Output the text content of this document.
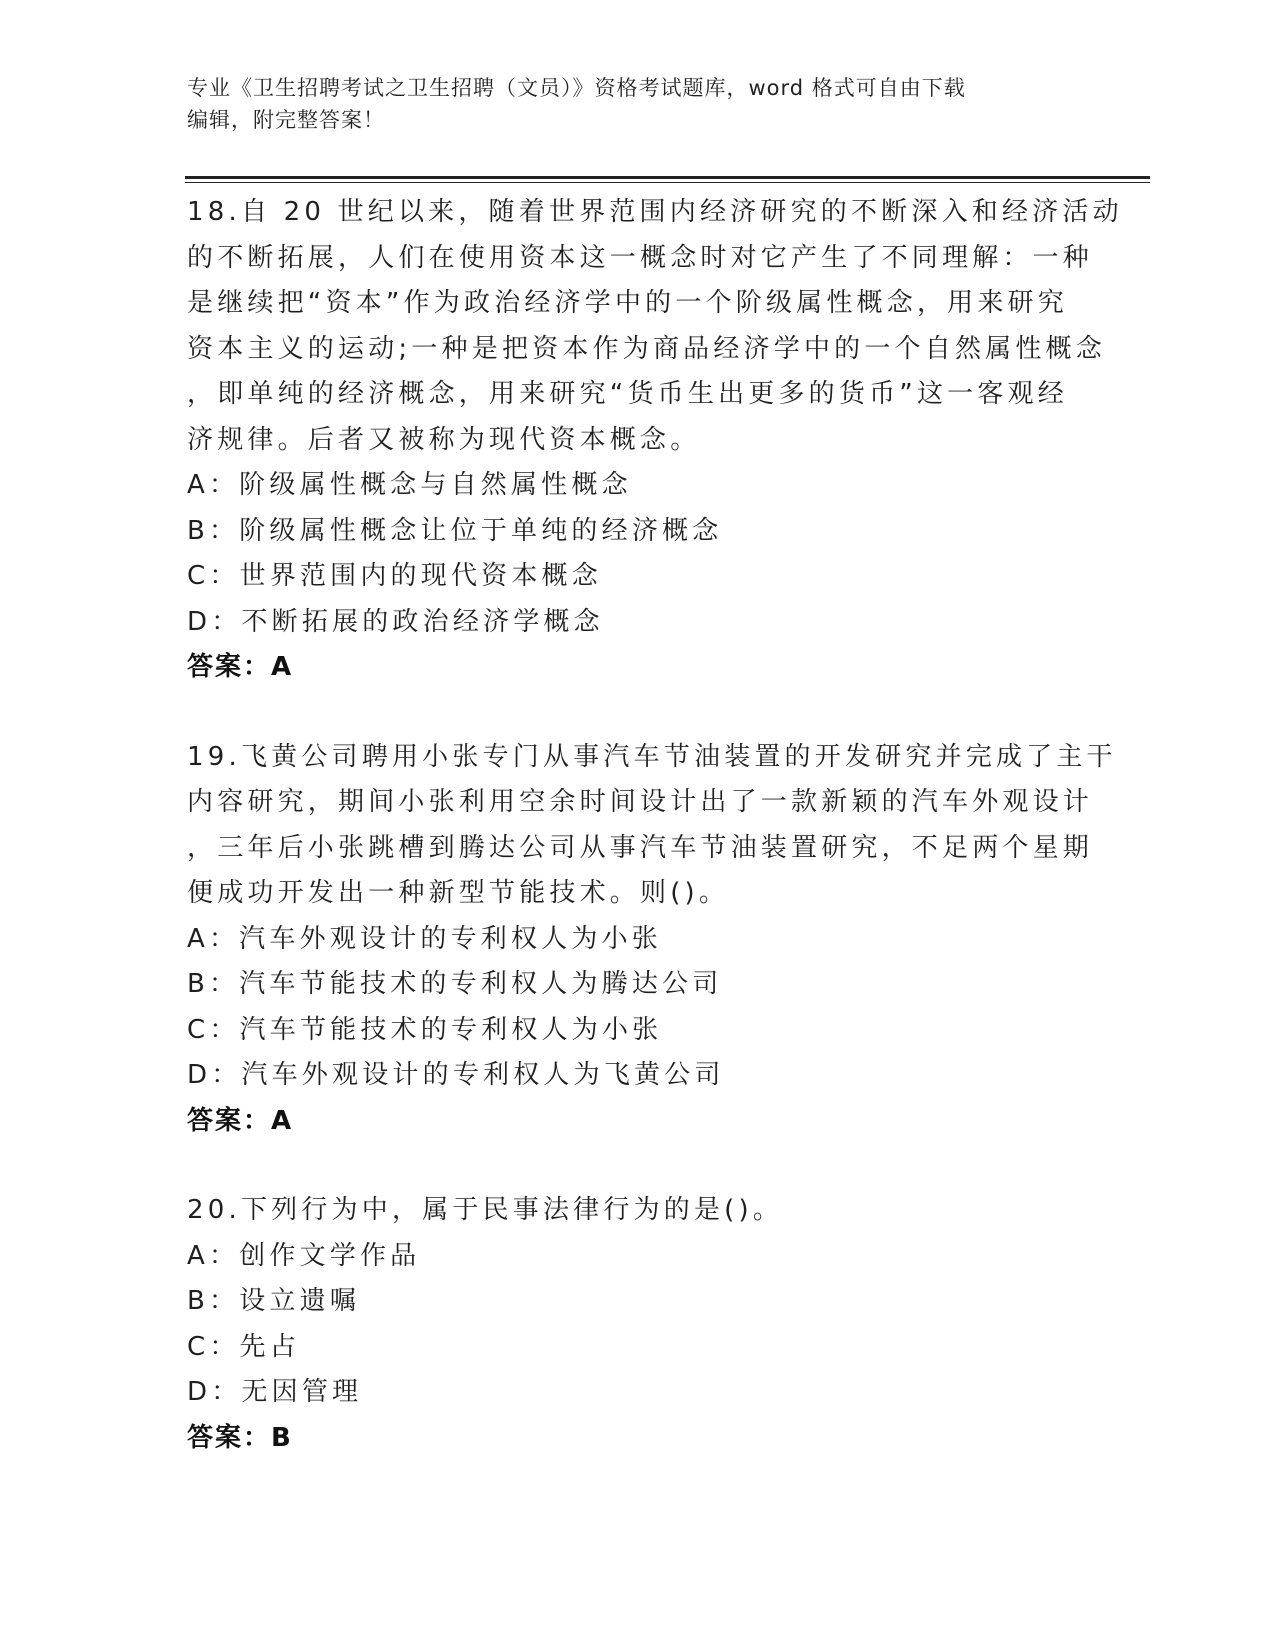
专业《卫生招聘考试之卫生招聘（文员）》资格考试题库，word 格式可自由下载
编辑，附完整答案！
18.自 20 世纪以来，随着世界范围内经济研究的不断深入和经济活动
的不断拓展，人们在使用资本这一概念时对它产生了不同理解：一种
是继续把“资本”作为政治经济学中的一个阶级属性概念，用来研究
资本主义的运动;一种是把资本作为商品经济学中的一个自然属性概念
，即单纯的经济概念，用来研究“货币生出更多的货币”这一客观经
济规律。后者又被称为现代资本概念。
A：阶级属性概念与自然属性概念
B：阶级属性概念让位于单纯的经济概念
C：世界范围内的现代资本概念
D：不断拓展的政治经济学概念
答案：A
19.飞黄公司聘用小张专门从事汽车节油装置的开发研究并完成了主干
内容研究，期间小张利用空余时间设计出了一款新颖的汽车外观设计
，三年后小张跳槽到腾达公司从事汽车节油装置研究，不足两个星期
便成功开发出一种新型节能技术。则()。
A：汽车外观设计的专利权人为小张
B：汽车节能技术的专利权人为腾达公司
C：汽车节能技术的专利权人为小张
D：汽车外观设计的专利权人为飞黄公司
答案：A
20.下列行为中，属于民事法律行为的是()。
A：创作文学作品
B：设立遗嘱
C：先占
D：无因管理
答案：B
